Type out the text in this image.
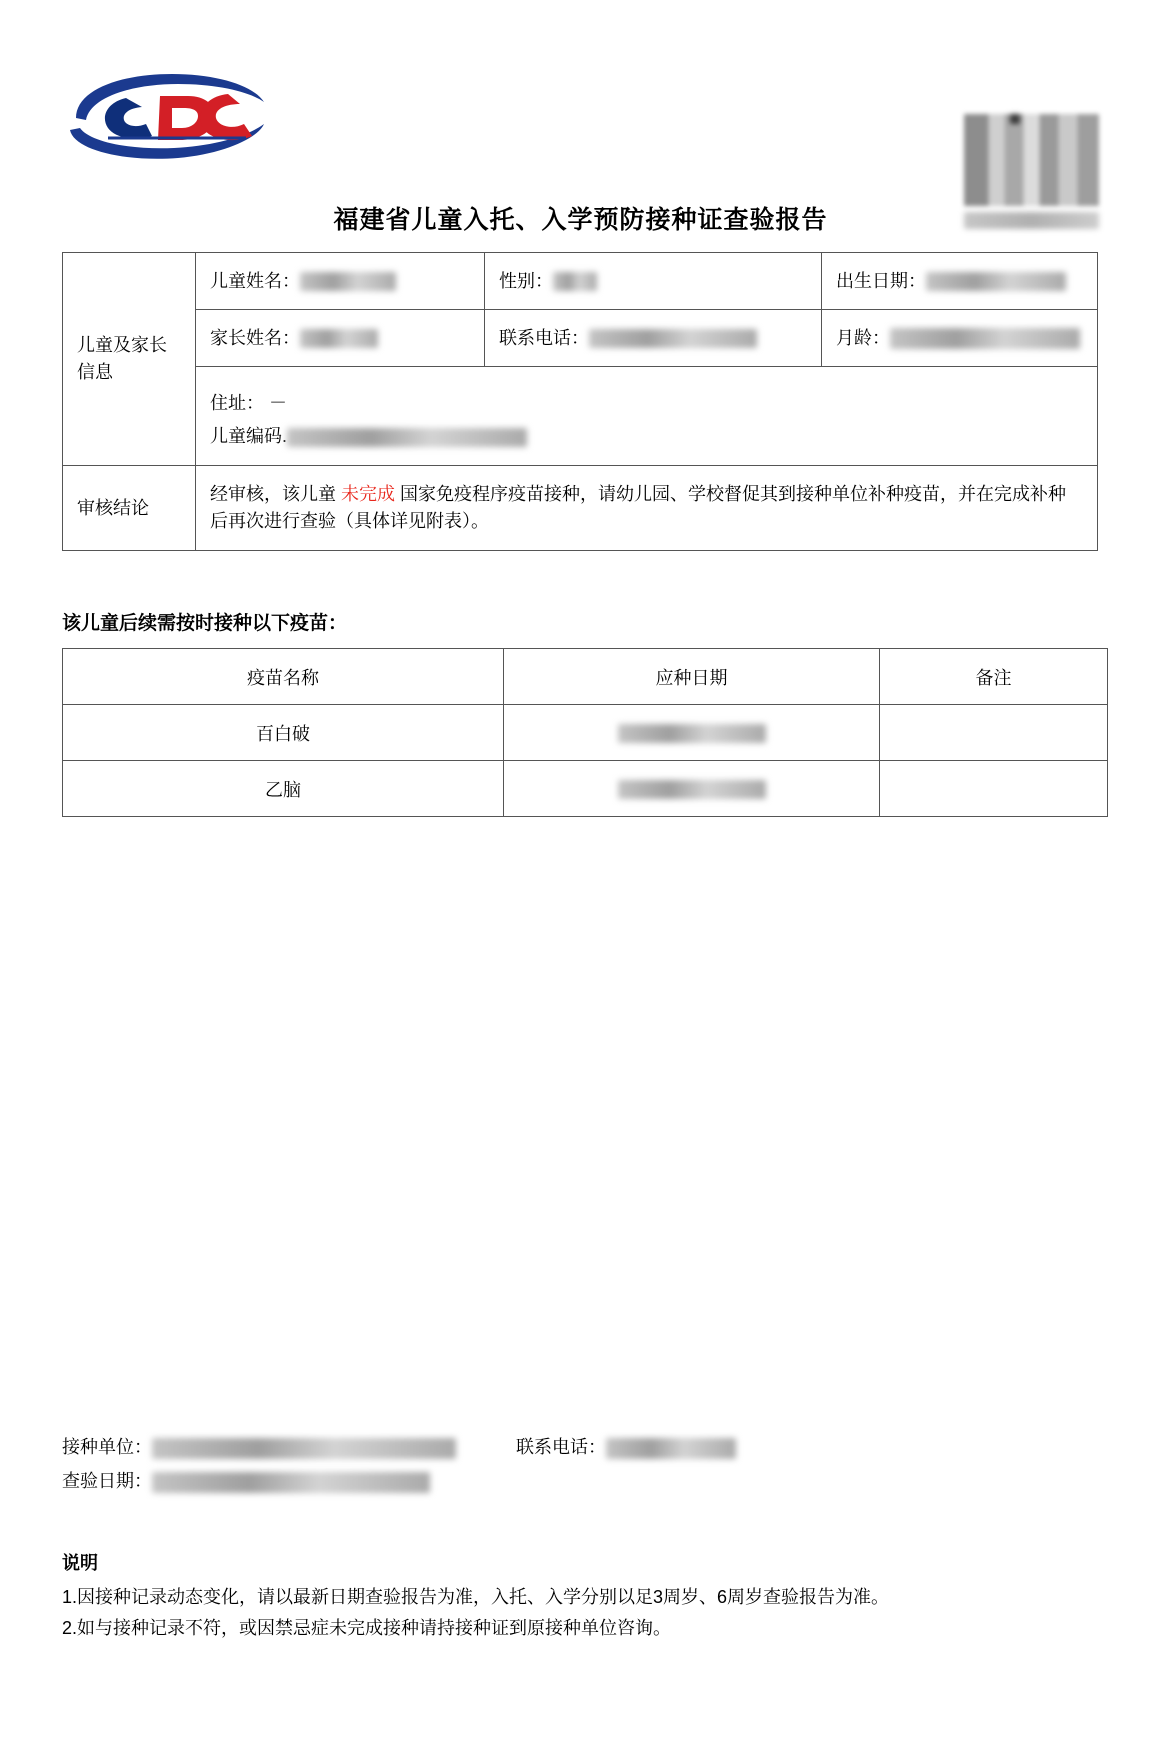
福建省儿童入托、入学预防接种证查验报告
儿童及家长信息	儿童姓名：	性别：	出生日期：
	家长姓名：	联系电话：	月龄：

	住址： －
儿童编码.		

审核结论	经审核，该儿童 未完成 国家免疫程序疫苗接种，请幼儿园、学校督促其到接种单位补种疫苗，并在完成补种后再次进行查验（具体详见附表）。		
该儿童后续需按时接种以下疫苗：
疫苗名称	应种日期	备注
百白破		
乙脑		
接种单位：	联系电话：
查验日期：
说明
1.因接种记录动态变化，请以最新日期查验报告为准，入托、入学分别以足3周岁、6周岁查验报告为准。
2.如与接种记录不符，或因禁忌症未完成接种请持接种证到原接种单位咨询。
